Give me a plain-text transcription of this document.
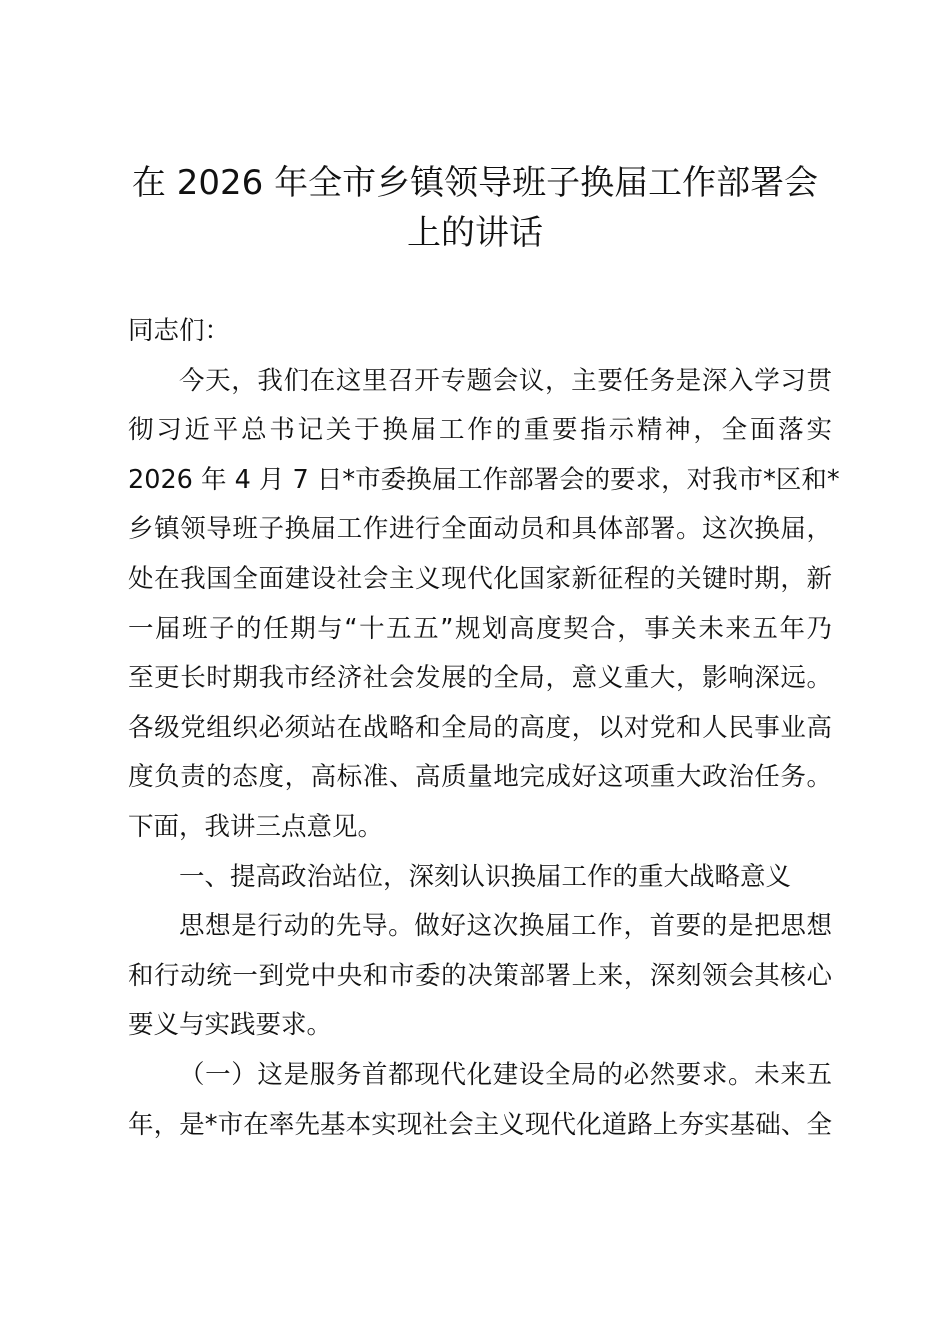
在 2026 年全市乡镇领导班子换届工作部署会
上的讲话

同志们：

今天，我们在这里召开专题会议，主要任务是深入学习贯
彻习近平总书记关于换届工作的重要指示精神，全面落实
2026 年 4 月 7 日*市委换届工作部署会的要求，对我市*区和*
乡镇领导班子换届工作进行全面动员和具体部署。这次换届，
处在我国全面建设社会主义现代化国家新征程的关键时期，新
一届班子的任期与“十五五”规划高度契合，事关未来五年乃
至更长时期我市经济社会发展的全局，意义重大，影响深远。
各级党组织必须站在战略和全局的高度，以对党和人民事业高
度负责的态度，高标准、高质量地完成好这项重大政治任务。
下面，我讲三点意见。

一、提高政治站位，深刻认识换届工作的重大战略意义

思想是行动的先导。做好这次换届工作，首要的是把思想
和行动统一到党中央和市委的决策部署上来，深刻领会其核心
要义与实践要求。

（一）这是服务首都现代化建设全局的必然要求。未来五
年，是*市在率先基本实现社会主义现代化道路上夯实基础、全
